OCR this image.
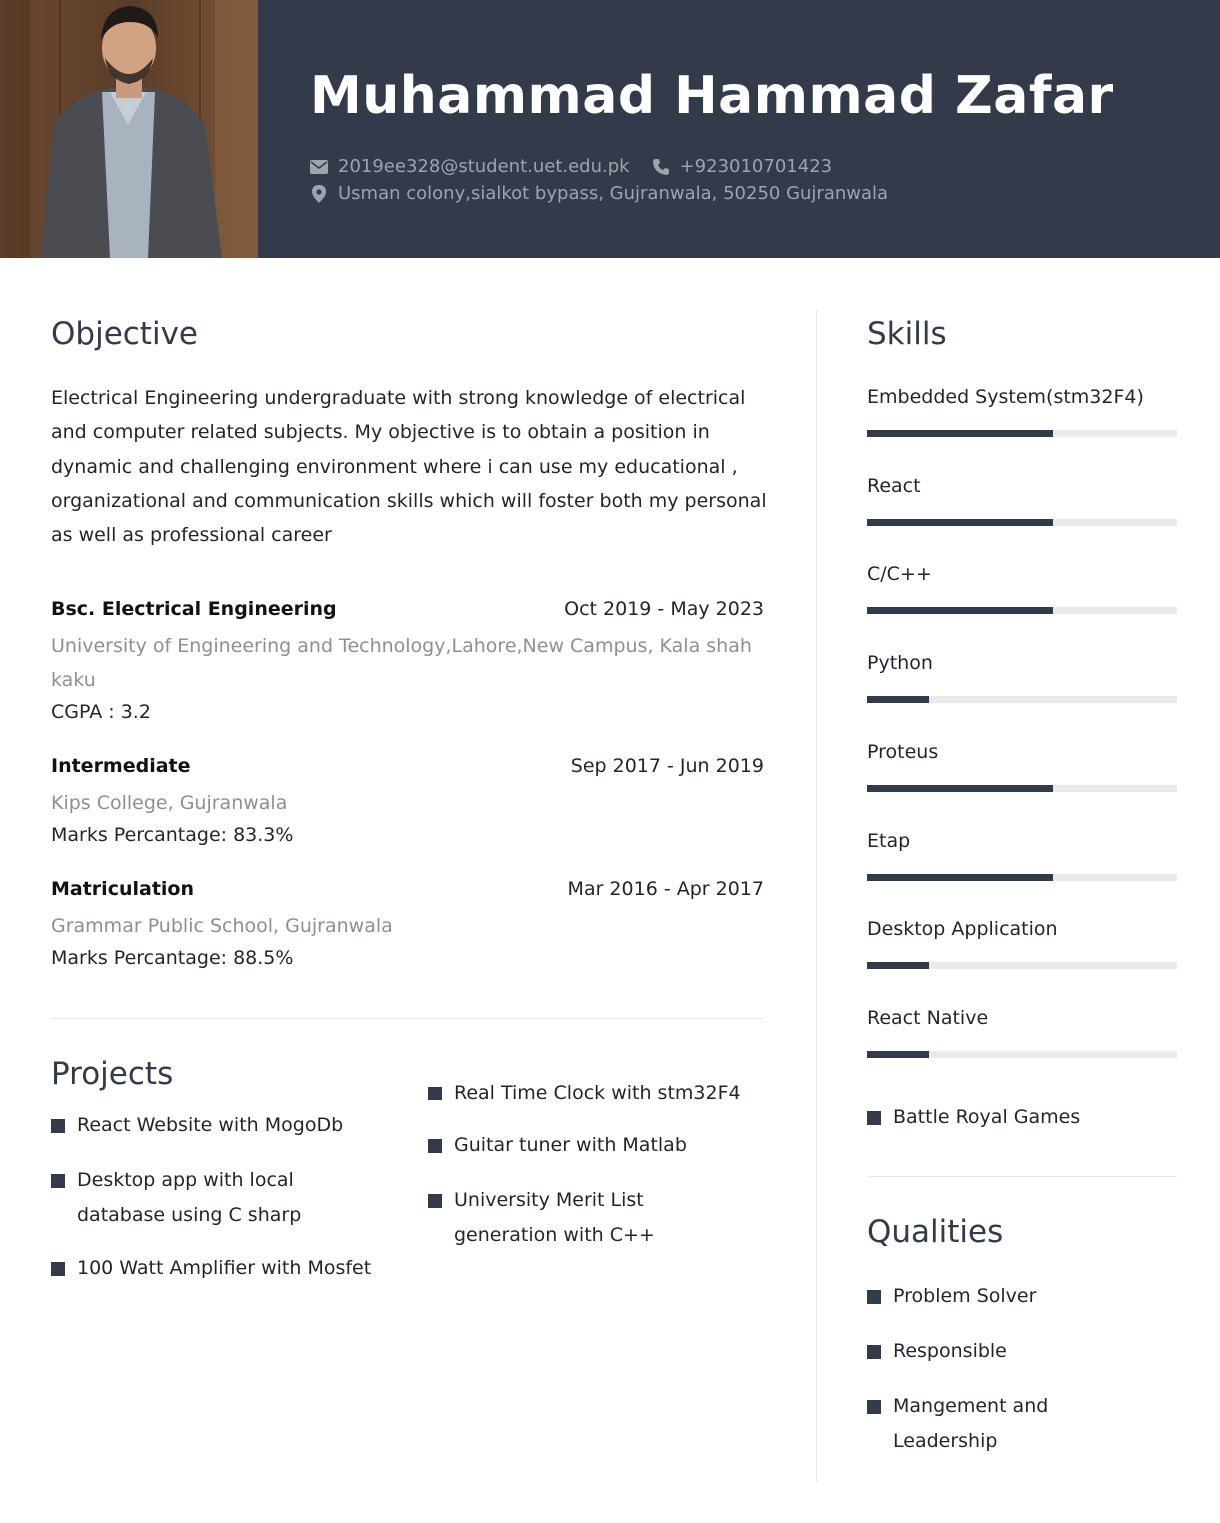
Muhammad Hammad Zafar
2019ee328@student.uet.edu.pk	+923010701423
Usman colony,sialkot bypass, Gujranwala, 50250 Gujranwala
Objective
Electrical Engineering undergraduate with strong knowledge of electrical and computer related subjects. My objective is to obtain a position in dynamic and challenging environment where i can use my educational , organizational and communication skills which will foster both my personal as well as professional career
Bsc. Electrical Engineering	Oct 2019 - May 2023
University of Engineering and Technology,Lahore,New Campus, Kala shah kaku
CGPA : 3.2
Intermediate	Sep 2017 - Jun 2019
Kips College, Gujranwala
Marks Percantage: 83.3%
Matriculation	Mar 2016 - Apr 2017
Grammar Public School, Gujranwala
Marks Percantage: 88.5%
Projects
React Website with MogoDb
Desktop app with local database using C sharp
100 Watt Amplifier with Mosfet
Real Time Clock with stm32F4
Guitar tuner with Matlab
University Merit List generation with C++
Skills
Embedded System(stm32F4)
React
C/C++
Python
Proteus
Etap
Desktop Application
React Native
Battle Royal Games
Qualities
Problem Solver
Responsible
Mangement and Leadership
